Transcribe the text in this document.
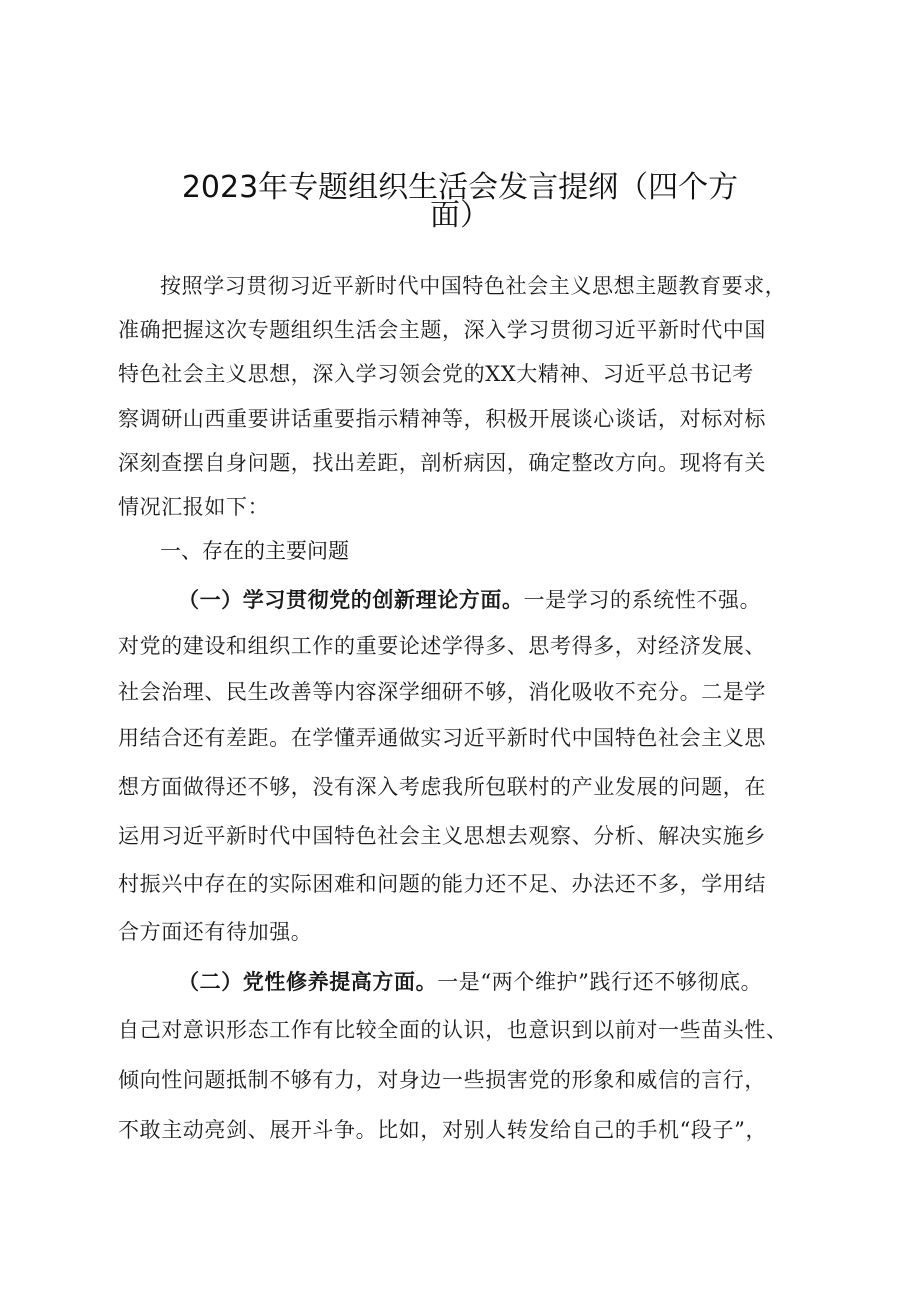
2023年专题组织生活会发言提纲（四个方
面）
按照学习贯彻习近平新时代中国特色社会主义思想主题教育要求，
准确把握这次专题组织生活会主题，深入学习贯彻习近平新时代中国
特色社会主义思想，深入学习领会党的XX大精神、习近平总书记考
察调研山西重要讲话重要指示精神等，积极开展谈心谈话，对标对标
深刻查摆自身问题，找出差距，剖析病因，确定整改方向。现将有关
情况汇报如下：
一、存在的主要问题
（一）学习贯彻党的创新理论方面。一是学习的系统性不强。
对党的建设和组织工作的重要论述学得多、思考得多，对经济发展、
社会治理、民生改善等内容深学细研不够，消化吸收不充分。二是学
用结合还有差距。在学懂弄通做实习近平新时代中国特色社会主义思
想方面做得还不够，没有深入考虑我所包联村的产业发展的问题，在
运用习近平新时代中国特色社会主义思想去观察、分析、解决实施乡
村振兴中存在的实际困难和问题的能力还不足、办法还不多，学用结
合方面还有待加强。
（二）党性修养提高方面。一是“两个维护”践行还不够彻底。
自己对意识形态工作有比较全面的认识，也意识到以前对一些苗头性、
倾向性问题抵制不够有力，对身边一些损害党的形象和威信的言行，
不敢主动亮剑、展开斗争。比如，对别人转发给自己的手机“段子”，
